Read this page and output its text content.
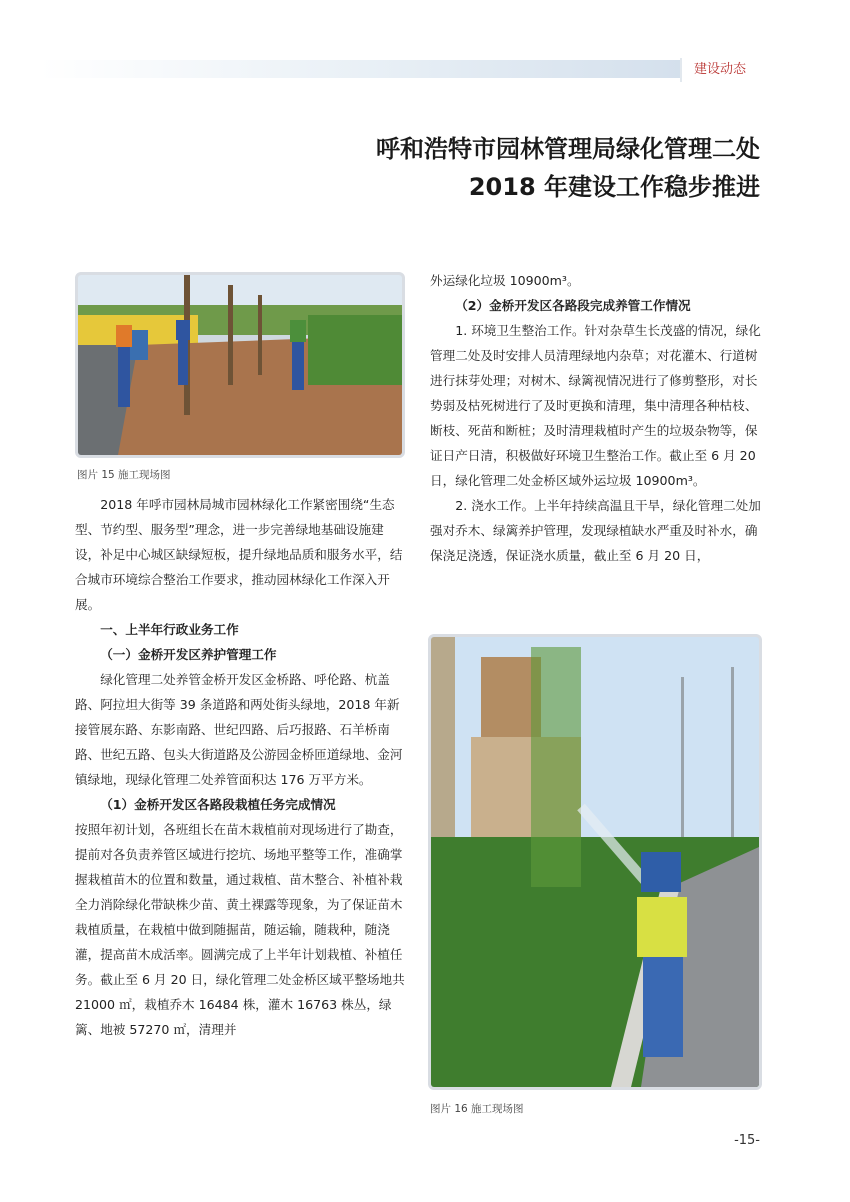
建设动态
呼和浩特市园林管理局绿化管理二处
2018 年建设工作稳步推进
图片 15 施工现场图

2018 年呼市园林局城市园林绿化工作紧密围绕“生态型、节约型、服务型”理念，进一步完善绿地基础设施建设，补足中心城区缺绿短板，提升绿地品质和服务水平，结合城市环境综合整治工作要求，推动园林绿化工作深入开展。

一、上半年行政业务工作

（一）金桥开发区养护管理工作

绿化管理二处养管金桥开发区金桥路、呼伦路、杭盖路、阿拉坦大街等 39 条道路和两处街头绿地，2018 年新接管展东路、东影南路、世纪四路、后巧报路、石羊桥南路、世纪五路、包头大街道路及公游园金桥匝道绿地、金河镇绿地，现绿化管理二处养管面积达 176 万平方米。

（1）金桥开发区各路段栽植任务完成情况

按照年初计划，各班组长在苗木栽植前对现场进行了勘查，提前对各负责养管区域进行挖坑、场地平整等工作，准确掌握栽植苗木的位置和数量，通过栽植、苗木整合、补植补栽全力消除绿化带缺株少苗、黄土裸露等现象，为了保证苗木栽植质量，在栽植中做到随掘苗，随运输，随栽种，随浇灌，提高苗木成活率。圆满完成了上半年计划栽植、补植任务。截止至 6 月 20 日，绿化管理二处金桥区域平整场地共 21000 ㎡，栽植乔木 16484 株，灌木 16763 株丛，绿篱、地被 57270 ㎡，清理并

外运绿化垃圾 10900m³。

（2）金桥开发区各路段完成养管工作情况

1. 环境卫生整治工作。针对杂草生长茂盛的情况，绿化管理二处及时安排人员清理绿地内杂草；对花灌木、行道树进行抹芽处理；对树木、绿篱视情况进行了修剪整形，对长势弱及枯死树进行了及时更换和清理，集中清理各种枯枝、断枝、死苗和断桩；及时清理栽植时产生的垃圾杂物等，保证日产日清，积极做好环境卫生整治工作。截止至 6 月 20 日，绿化管理二处金桥区域外运垃圾 10900m³。

2. 浇水工作。上半年持续高温且干旱，绿化管理二处加强对乔木、绿篱养护管理，发现绿植缺水严重及时补水，确保浇足浇透，保证浇水质量，截止至 6 月 20 日，

图片 16 施工现场图
-15-
